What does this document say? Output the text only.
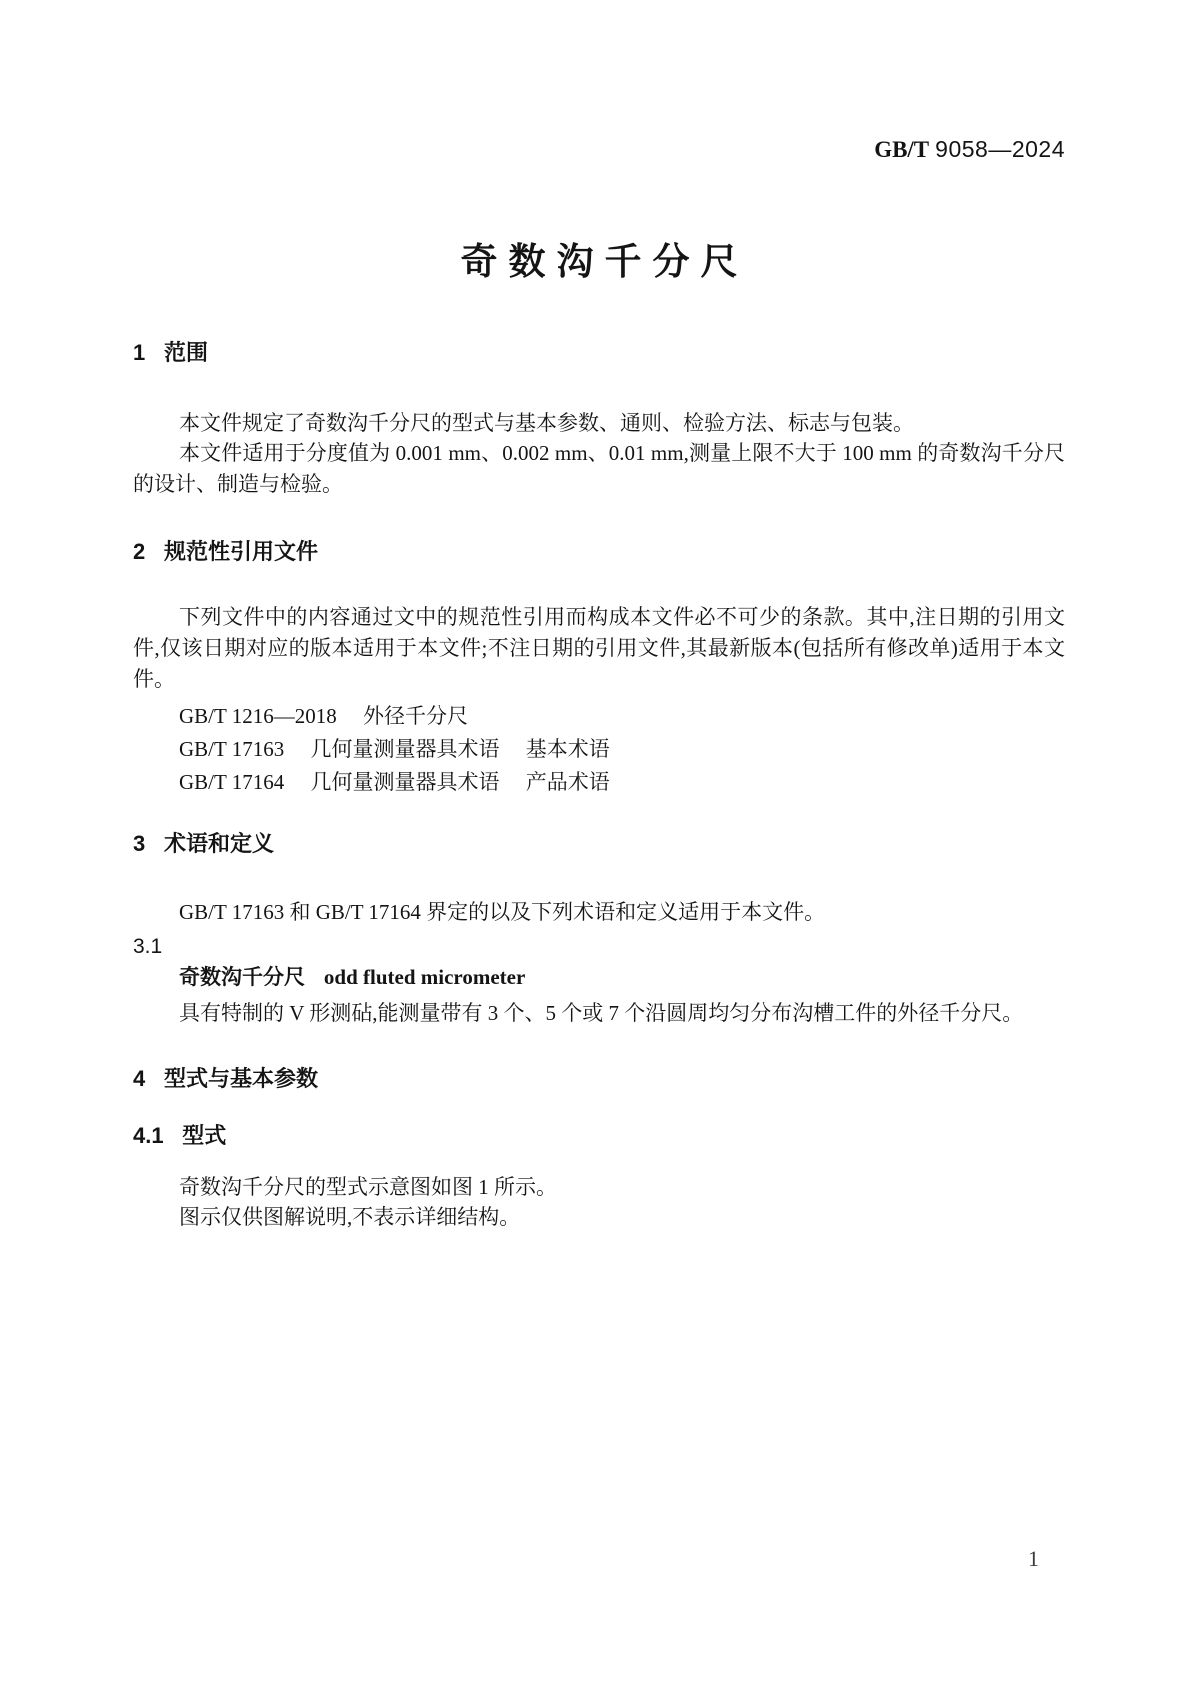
GB/T 9058—2024
奇数沟千分尺
1 范围

本文件规定了奇数沟千分尺的型式与基本参数、通则、检验方法、标志与包装。

本文件适用于分度值为 0.001 mm、0.002 mm、0.01 mm,测量上限不大于 100 mm 的奇数沟千分尺的设计、制造与检验。

2 规范性引用文件

下列文件中的内容通过文中的规范性引用而构成本文件必不可少的条款。其中,注日期的引用文件,仅该日期对应的版本适用于本文件;不注日期的引用文件,其最新版本(包括所有修改单)适用于本文件。

GB/T 1216—2018　 外径千分尺
GB/T 17163　 几何量测量器具术语　 基本术语
GB/T 17164　 几何量测量器具术语　 产品术语
3 术语和定义

GB/T 17163 和 GB/T 17164 界定的以及下列术语和定义适用于本文件。

3.1
奇数沟千分尺 odd fluted micrometer

具有特制的 V 形测砧,能测量带有 3 个、5 个或 7 个沿圆周均匀分布沟槽工件的外径千分尺。

4 型式与基本参数
4.1 型式

奇数沟千分尺的型式示意图如图 1 所示。

图示仅供图解说明,不表示详细结构。

1
